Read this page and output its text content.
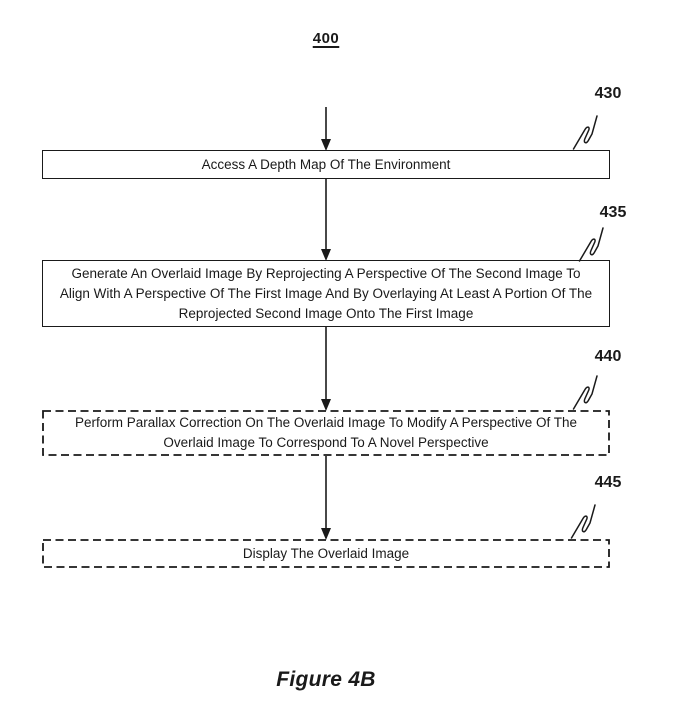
400
Access A Depth Map Of The Environment
Generate An Overlaid Image By Reprojecting A Perspective Of The Second Image To Align With A Perspective Of The First Image And By Overlaying At Least A Portion Of The Reprojected Second Image Onto The First Image
Perform Parallax Correction On The Overlaid Image To Modify A Perspective Of The Overlaid Image To Correspond To A Novel Perspective
Display The Overlaid Image
430
435
440
445
Figure 4B
